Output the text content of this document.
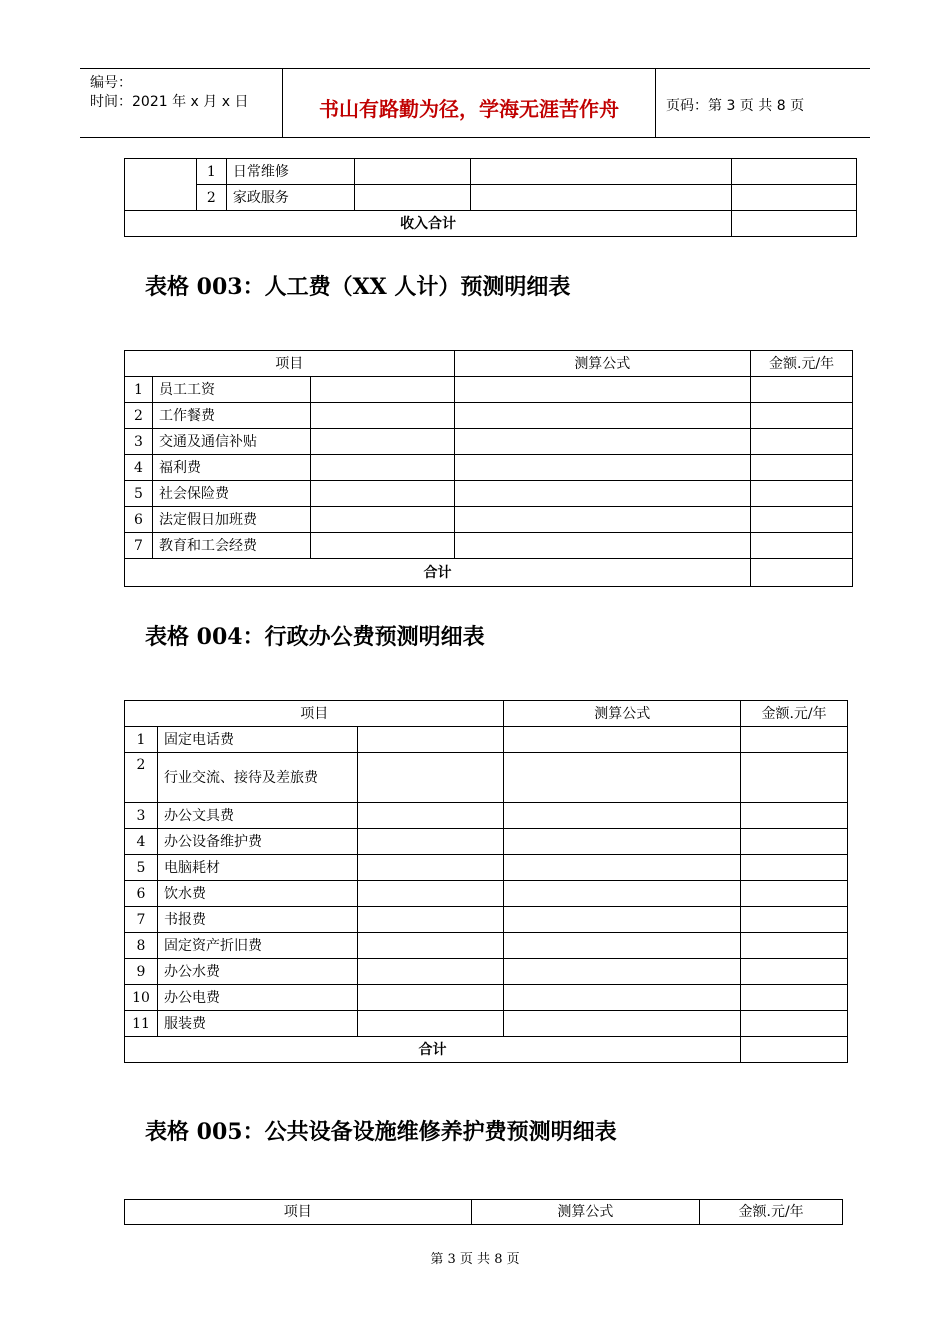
编号：
时间：2021 年 x 月 x 日	书山有路勤为径，学海无涯苦作舟	页码：第 3 页 共 8 页
	1	日常维修			
	2	家政服务			
收入合计					
表格 003：人工费（XX 人计）预测明细表
项目			测算公式	金额.元/年
1	员工工资			
2	工作餐费			
3	交通及通信补贴			
4	福利费			
5	社会保险费			
6	法定假日加班费			
7	教育和工会经费			
合计				
表格 004：行政办公费预测明细表
项目			测算公式	金额.元/年
1	固定电话费			
2	行业交流、接待及差旅费			
3	办公文具费			
4	办公设备维护费			
5	电脑耗材			
6	饮水费			
7	书报费			
8	固定资产折旧费			
9	办公水费			
10	办公电费			
11	服装费			
合计				
表格 005：公共设备设施维修养护费预测明细表
项目	测算公式	金额.元/年
第 3 页 共 8 页
